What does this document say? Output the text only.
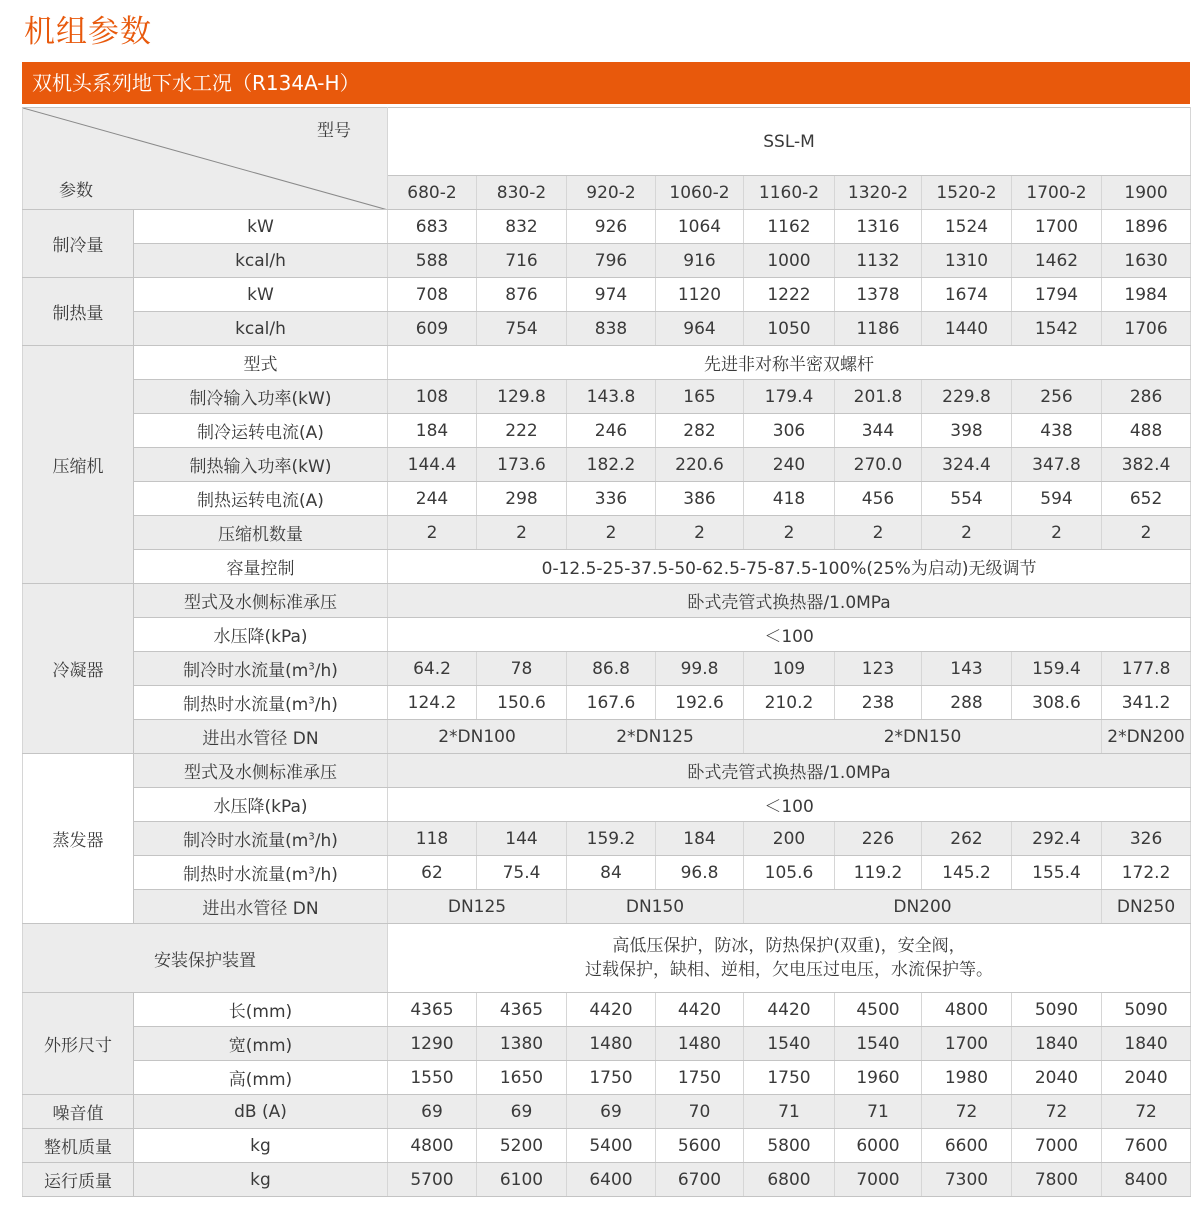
机组参数
双机头系列地下水工况（R134A-H）
型号
参数		SSL-M								
		680-2	830-2	920-2	1060-2	1160-2	1320-2	1520-2	1700-2	1900
制冷量	kW	683	832	926	1064	1162	1316	1524	1700	1896
	kcal/h	588	716	796	916	1000	1132	1310	1462	1630
制热量	kW	708	876	974	1120	1222	1378	1674	1794	1984
	kcal/h	609	754	838	964	1050	1186	1440	1542	1706
压缩机	型式	先进非对称半密双螺杆								
	制冷输入功率(kW)	108	129.8	143.8	165	179.4	201.8	229.8	256	286
	制冷运转电流(A)	184	222	246	282	306	344	398	438	488
	制热输入功率(kW)	144.4	173.6	182.2	220.6	240	270.0	324.4	347.8	382.4
	制热运转电流(A)	244	298	336	386	418	456	554	594	652
	压缩机数量	2	2	2	2	2	2	2	2	2
	容量控制	0-12.5-25-37.5-50-62.5-75-87.5-100%(25%为启动)无级调节								
冷凝器	型式及水侧标准承压	卧式壳管式换热器/1.0MPa								
	水压降(kPa)	＜100								
	制冷时水流量$(m^3/h)$	64.2	78	86.8	99.8	109	123	143	159.4	177.8
	制热时水流量$(m^3/h)$	124.2	150.6	167.6	192.6	210.2	238	288	308.6	341.2
	进出水管径 DN	2*DN100		2*DN125		2*DN150				2*DN200
蒸发器	型式及水侧标准承压	卧式壳管式换热器/1.0MPa								
	水压降(kPa)	＜100								
	制冷时水流量$(m^3/h)$	118	144	159.2	184	200	226	262	292.4	326
	制热时水流量$(m^3/h)$	62	75.4	84	96.8	105.6	119.2	145.2	155.4	172.2
	进出水管径 DN	DN125		DN150		DN200				DN250
安装保护装置		高低压保护，防冰，防热保护(双重)，安全阀，
过载保护，缺相、逆相，欠电压过电压，水流保护等。								

外形尺寸	长(mm)	4365	4365	4420	4420	4420	4500	4800	5090	5090
	宽(mm)	1290	1380	1480	1480	1540	1540	1700	1840	1840
	高(mm)	1550	1650	1750	1750	1750	1960	1980	2040	2040
噪音值	dB (A)	69	69	69	70	71	71	72	72	72
整机质量	kg	4800	5200	5400	5600	5800	6000	6600	7000	7600
运行质量	kg	5700	6100	6400	6700	6800	7000	7300	7800	8400
